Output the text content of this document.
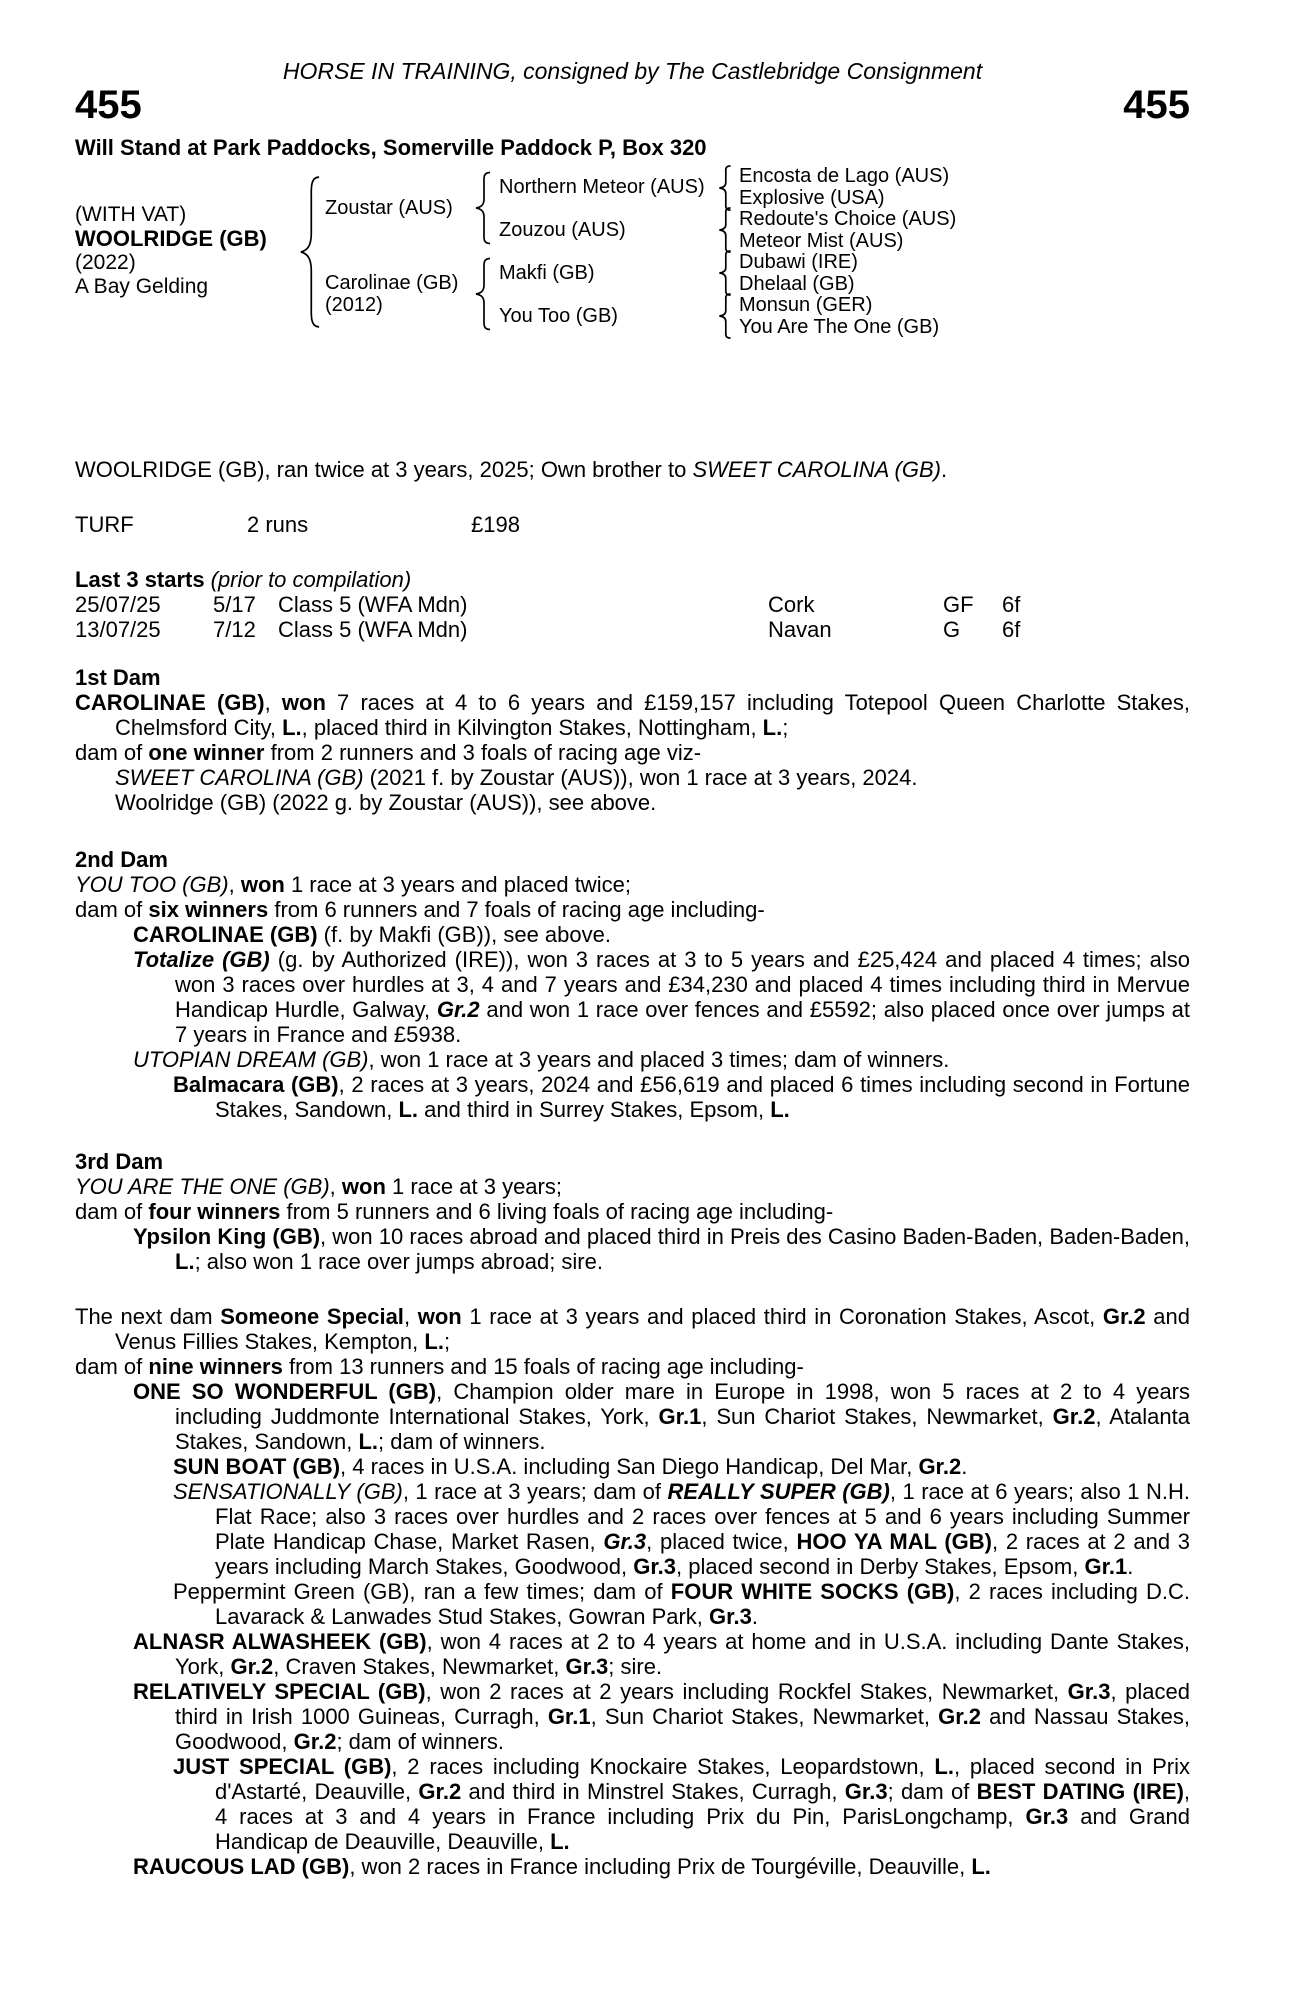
HORSE IN TRAINING, consigned by The Castlebridge Consignment
455	455
Will Stand at Park Paddocks, Somerville Paddock P, Box 320
(WITH VAT)
WOOLRIDGE (GB)
(2022)
A Bay Gelding
Zoustar (AUS)
Carolinae (GB)
(2012)
Northern Meteor (AUS)
Zouzou (AUS)
Makfi (GB)
You Too (GB)
Encosta de Lago (AUS)
Explosive (USA)
Redoute's Choice (AUS)
Meteor Mist (AUS)
Dubawi (IRE)
Dhelaal (GB)
Monsun (GER)
You Are The One (GB)

WOOLRIDGE (GB), ran twice at 3 years, 2025; Own brother to SWEET CAROLINA (GB).

TURF	2 runs	£198
Last 3 starts (prior to compilation)
25/07/25 5/17 Class 5 (WFA Mdn)	Cork	GF 6f
13/07/25 7/12 Class 5 (WFA Mdn)	Navan	G 6f
1st Dam

CAROLINAE (GB), won 7 races at 4 to 6 years and £159,157 including Totepool Queen Charlotte Stakes, Chelmsford City, L., placed third in Kilvington Stakes, Nottingham, L.;

dam of one winner from 2 runners and 3 foals of racing age viz-

SWEET CAROLINA (GB) (2021 f. by Zoustar (AUS)), won 1 race at 3 years, 2024.

Woolridge (GB) (2022 g. by Zoustar (AUS)), see above.

2nd Dam

YOU TOO (GB), won 1 race at 3 years and placed twice;

dam of six winners from 6 runners and 7 foals of racing age including-

CAROLINAE (GB) (f. by Makfi (GB)), see above.

Totalize (GB) (g. by Authorized (IRE)), won 3 races at 3 to 5 years and £25,424 and placed 4 times; also won 3 races over hurdles at 3, 4 and 7 years and £34,230 and placed 4 times including third in Mervue Handicap Hurdle, Galway, Gr.2 and won 1 race over fences and £5592; also placed once over jumps at 7 years in France and £5938.

UTOPIAN DREAM (GB), won 1 race at 3 years and placed 3 times; dam of winners.

Balmacara (GB), 2 races at 3 years, 2024 and £56,619 and placed 6 times including second in Fortune Stakes, Sandown, L. and third in Surrey Stakes, Epsom, L.

3rd Dam

YOU ARE THE ONE (GB), won 1 race at 3 years;

dam of four winners from 5 runners and 6 living foals of racing age including-

Ypsilon King (GB), won 10 races abroad and placed third in Preis des Casino Baden-Baden, Baden-Baden, L.; also won 1 race over jumps abroad; sire.

The next dam Someone Special, won 1 race at 3 years and placed third in Coronation Stakes, Ascot, Gr.2 and Venus Fillies Stakes, Kempton, L.;

dam of nine winners from 13 runners and 15 foals of racing age including-

ONE SO WONDERFUL (GB), Champion older mare in Europe in 1998, won 5 races at 2 to 4 years including Juddmonte International Stakes, York, Gr.1, Sun Chariot Stakes, Newmarket, Gr.2, Atalanta Stakes, Sandown, L.; dam of winners.

SUN BOAT (GB), 4 races in U.S.A. including San Diego Handicap, Del Mar, Gr.2.

SENSATIONALLY (GB), 1 race at 3 years; dam of REALLY SUPER (GB), 1 race at 6 years; also 1 N.H. Flat Race; also 3 races over hurdles and 2 races over fences at 5 and 6 years including Summer Plate Handicap Chase, Market Rasen, Gr.3, placed twice, HOO YA MAL (GB), 2 races at 2 and 3 years including March Stakes, Goodwood, Gr.3, placed second in Derby Stakes, Epsom, Gr.1.

Peppermint Green (GB), ran a few times; dam of FOUR WHITE SOCKS (GB), 2 races including D.C. Lavarack & Lanwades Stud Stakes, Gowran Park, Gr.3.

ALNASR ALWASHEEK (GB), won 4 races at 2 to 4 years at home and in U.S.A. including Dante Stakes, York, Gr.2, Craven Stakes, Newmarket, Gr.3; sire.

RELATIVELY SPECIAL (GB), won 2 races at 2 years including Rockfel Stakes, Newmarket, Gr.3, placed third in Irish 1000 Guineas, Curragh, Gr.1, Sun Chariot Stakes, Newmarket, Gr.2 and Nassau Stakes, Goodwood, Gr.2; dam of winners.

JUST SPECIAL (GB), 2 races including Knockaire Stakes, Leopardstown, L., placed second in Prix d'Astarté, Deauville, Gr.2 and third in Minstrel Stakes, Curragh, Gr.3; dam of BEST DATING (IRE), 4 races at 3 and 4 years in France including Prix du Pin, ParisLongchamp, Gr.3 and Grand Handicap de Deauville, Deauville, L.

RAUCOUS LAD (GB), won 2 races in France including Prix de Tourgéville, Deauville, L.
